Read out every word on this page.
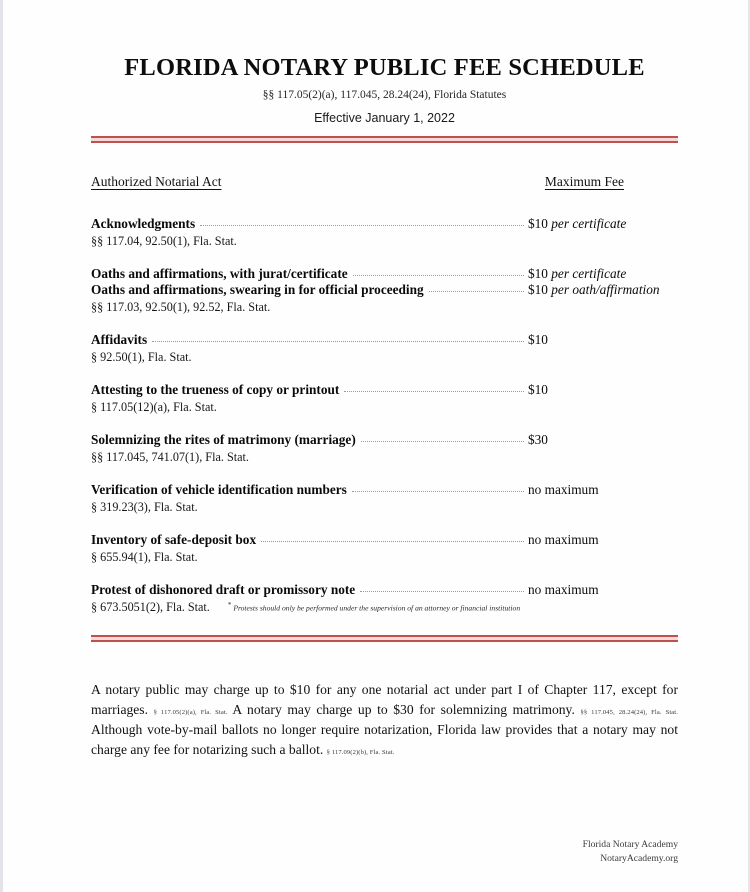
FLORIDA NOTARY PUBLIC FEE SCHEDULE
§§ 117.05(2)(a), 117.045, 28.24(24), Florida Statutes
Effective January 1, 2022
Authorized Notarial Act	Maximum Fee
Acknowledgments	$10 per certificate
§§ 117.04, 92.50(1), Fla. Stat.
Oaths and affirmations, with jurat/certificate	$10 per certificate
Oaths and affirmations, swearing in for official proceeding	$10 per oath/affirmation
§§ 117.03, 92.50(1), 92.52, Fla. Stat.
Affidavits	$10
§ 92.50(1), Fla. Stat.
Attesting to the trueness of copy or printout	$10
§ 117.05(12)(a), Fla. Stat.
Solemnizing the rites of matrimony (marriage)	$30
§§ 117.045, 741.07(1), Fla. Stat.
Verification of vehicle identification numbers	no maximum
§ 319.23(3), Fla. Stat.
Inventory of safe-deposit box	no maximum
§ 655.94(1), Fla. Stat.
Protest of dishonored draft or promissory note	no maximum
§ 673.5051(2), Fla. Stat.	* Protests should only be performed under the supervision of an attorney or financial institution

A notary public may charge up to $10 for any one notarial act under part I of Chapter 117, except for marriages. § 117.05(2)(a), Fla. Stat. A notary may charge up to $30 for solemnizing matrimony. §§ 117.045, 28.24(24), Fla. Stat. Although vote-by-mail ballots no longer require notarization, Florida law provides that a notary may not charge any fee for notarizing such a ballot. § 117.09(2)(b), Fla. Stat.

Florida Notary Academy
NotaryAcademy.org
